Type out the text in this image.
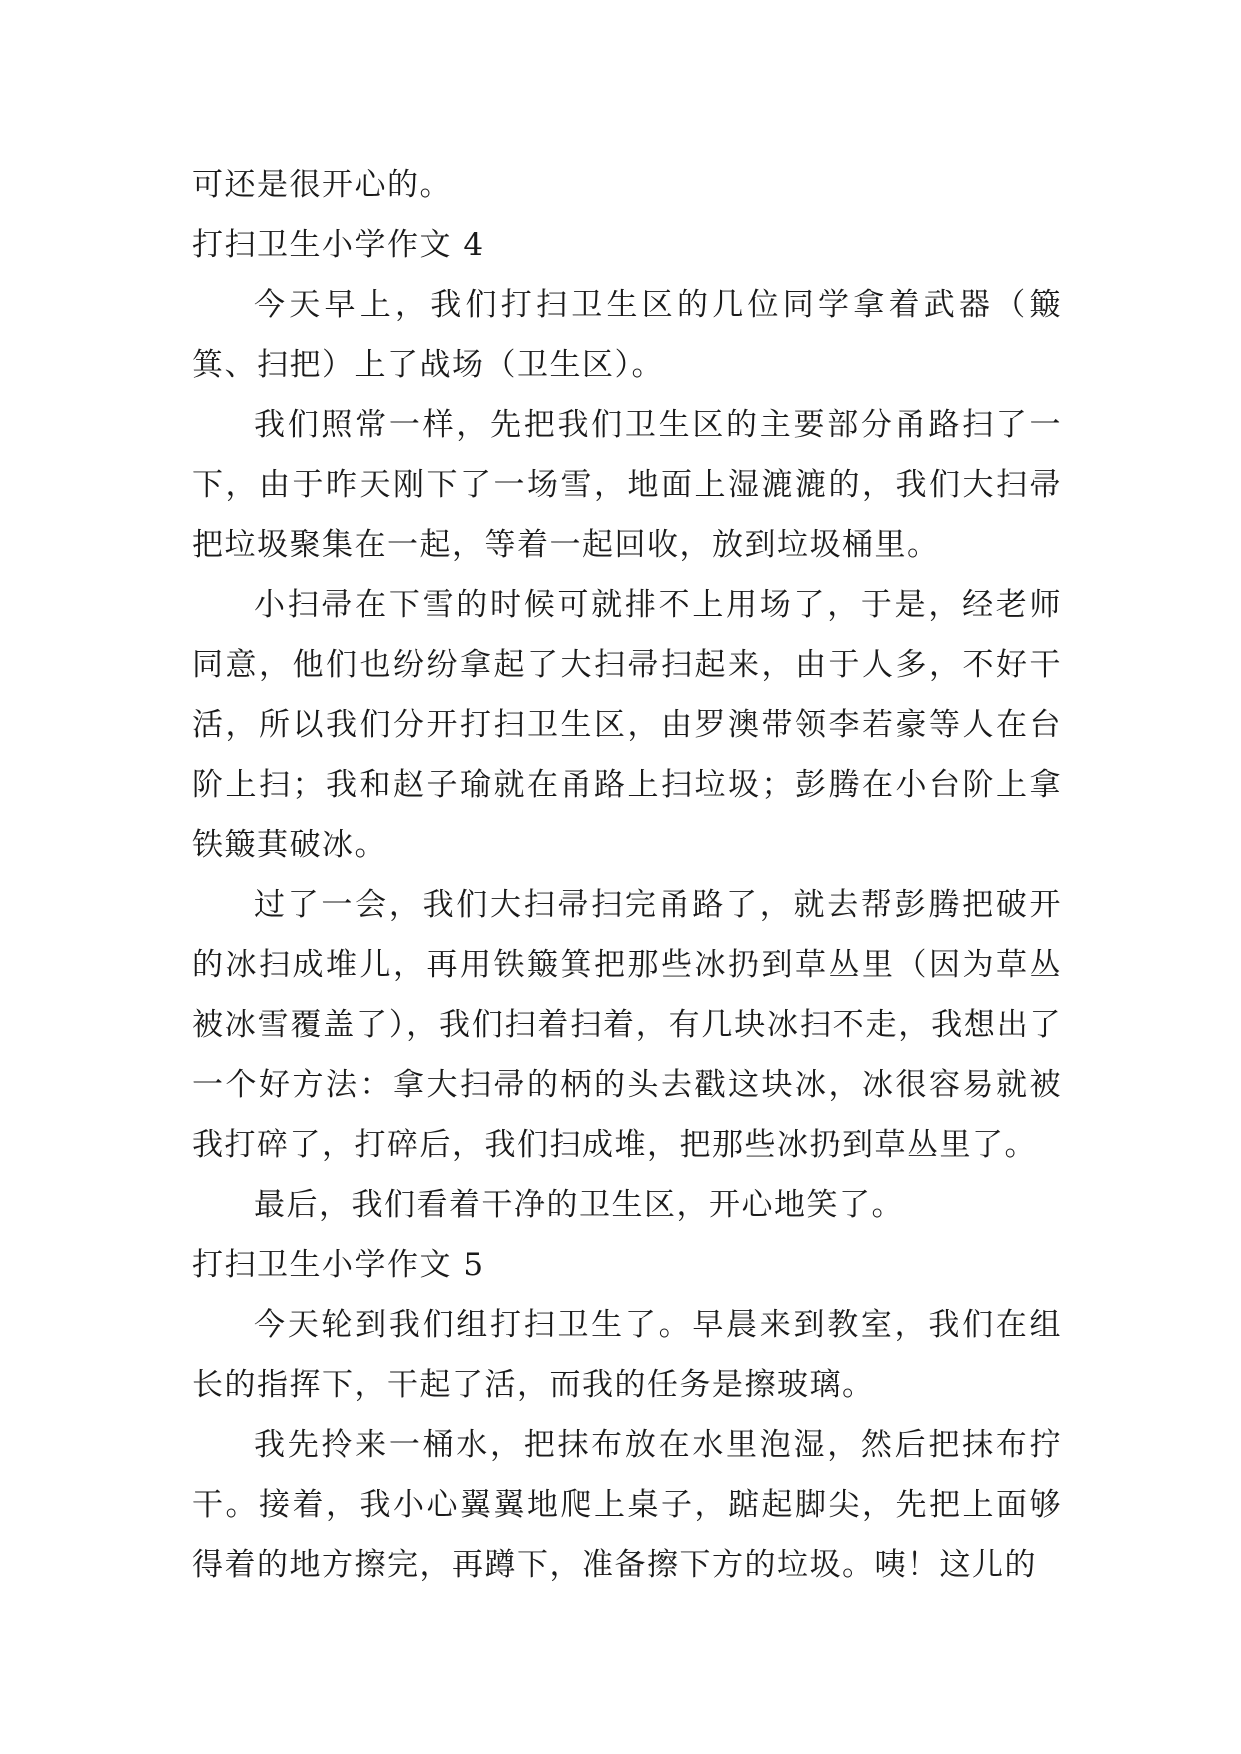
可还是很开心的。

打扫卫生小学作文 4

今天早上，我们打扫卫生区的几位同学拿着武器（簸箕、扫把）上了战场（卫生区）。

我们照常一样，先把我们卫生区的主要部分甬路扫了一下，由于昨天刚下了一场雪，地面上湿漉漉的，我们大扫帚把垃圾聚集在一起，等着一起回收，放到垃圾桶里。

小扫帚在下雪的时候可就排不上用场了，于是，经老师同意，他们也纷纷拿起了大扫帚扫起来，由于人多，不好干活，所以我们分开打扫卫生区，由罗澳带领李若豪等人在台阶上扫；我和赵子瑜就在甬路上扫垃圾；彭腾在小台阶上拿铁簸萁破冰。

过了一会，我们大扫帚扫完甬路了，就去帮彭腾把破开的冰扫成堆儿，再用铁簸箕把那些冰扔到草丛里（因为草丛被冰雪覆盖了），我们扫着扫着，有几块冰扫不走，我想出了一个好方法：拿大扫帚的柄的头去戳这块冰，冰很容易就被我打碎了，打碎后，我们扫成堆，把那些冰扔到草丛里了。

最后，我们看着干净的卫生区，开心地笑了。

打扫卫生小学作文 5

今天轮到我们组打扫卫生了。早晨来到教室，我们在组长的指挥下，干起了活，而我的任务是擦玻璃。

我先拎来一桶水，把抹布放在水里泡湿，然后把抹布拧干。接着，我小心翼翼地爬上桌子，踮起脚尖，先把上面够得着的地方擦完，再蹲下，准备擦下方的垃圾。咦！这儿的
